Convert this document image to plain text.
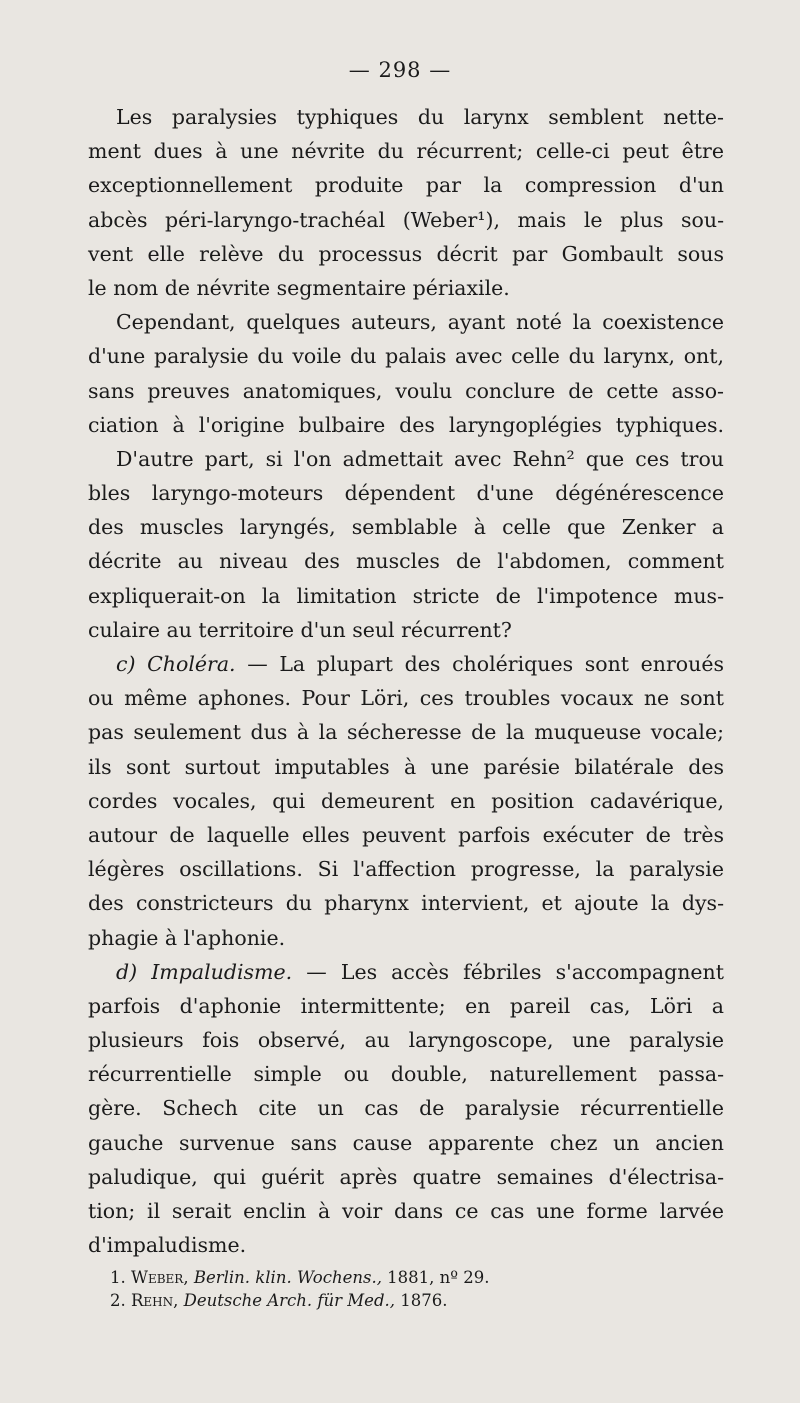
— 298 —
Les paralysies typhiques du larynx semblent nette-
ment dues à une névrite du récurrent; celle-ci peut être
exceptionnellement produite par la compression d'un
abcès péri-laryngo-trachéal (Weber¹), mais le plus sou-
vent elle relève du processus décrit par Gombault sous
le nom de névrite segmentaire périaxile.
Cependant, quelques auteurs, ayant noté la coexistence
d'une paralysie du voile du palais avec celle du larynx, ont,
sans preuves anatomiques, voulu conclure de cette asso-
ciation à l'origine bulbaire des laryngoplégies typhiques.
D'autre part, si l'on admettait avec Rehn² que ces trou
bles laryngo-moteurs dépendent d'une dégénérescence
des muscles laryngés, semblable à celle que Zenker a
décrite au niveau des muscles de l'abdomen, comment
expliquerait-on la limitation stricte de l'impotence mus-
culaire au territoire d'un seul récurrent?
c) Choléra. — La plupart des cholériques sont enroués
ou même aphones. Pour Löri, ces troubles vocaux ne sont
pas seulement dus à la sécheresse de la muqueuse vocale;
ils sont surtout imputables à une parésie bilatérale des
cordes vocales, qui demeurent en position cadavérique,
autour de laquelle elles peuvent parfois exécuter de très
légères oscillations. Si l'affection progresse, la paralysie
des constricteurs du pharynx intervient, et ajoute la dys-
phagie à l'aphonie.
d) Impaludisme. — Les accès fébriles s'accompagnent
parfois d'aphonie intermittente; en pareil cas, Löri a
plusieurs fois observé, au laryngoscope, une paralysie
récurrentielle simple ou double, naturellement passa-
gère. Schech cite un cas de paralysie récurrentielle
gauche survenue sans cause apparente chez un ancien
paludique, qui guérit après quatre semaines d'électrisa-
tion; il serait enclin à voir dans ce cas une forme larvée
d'impaludisme.
1. Weber, Berlin. klin. Wochens., 1881, nº 29.
2. Rehn, Deutsche Arch. für Med., 1876.
